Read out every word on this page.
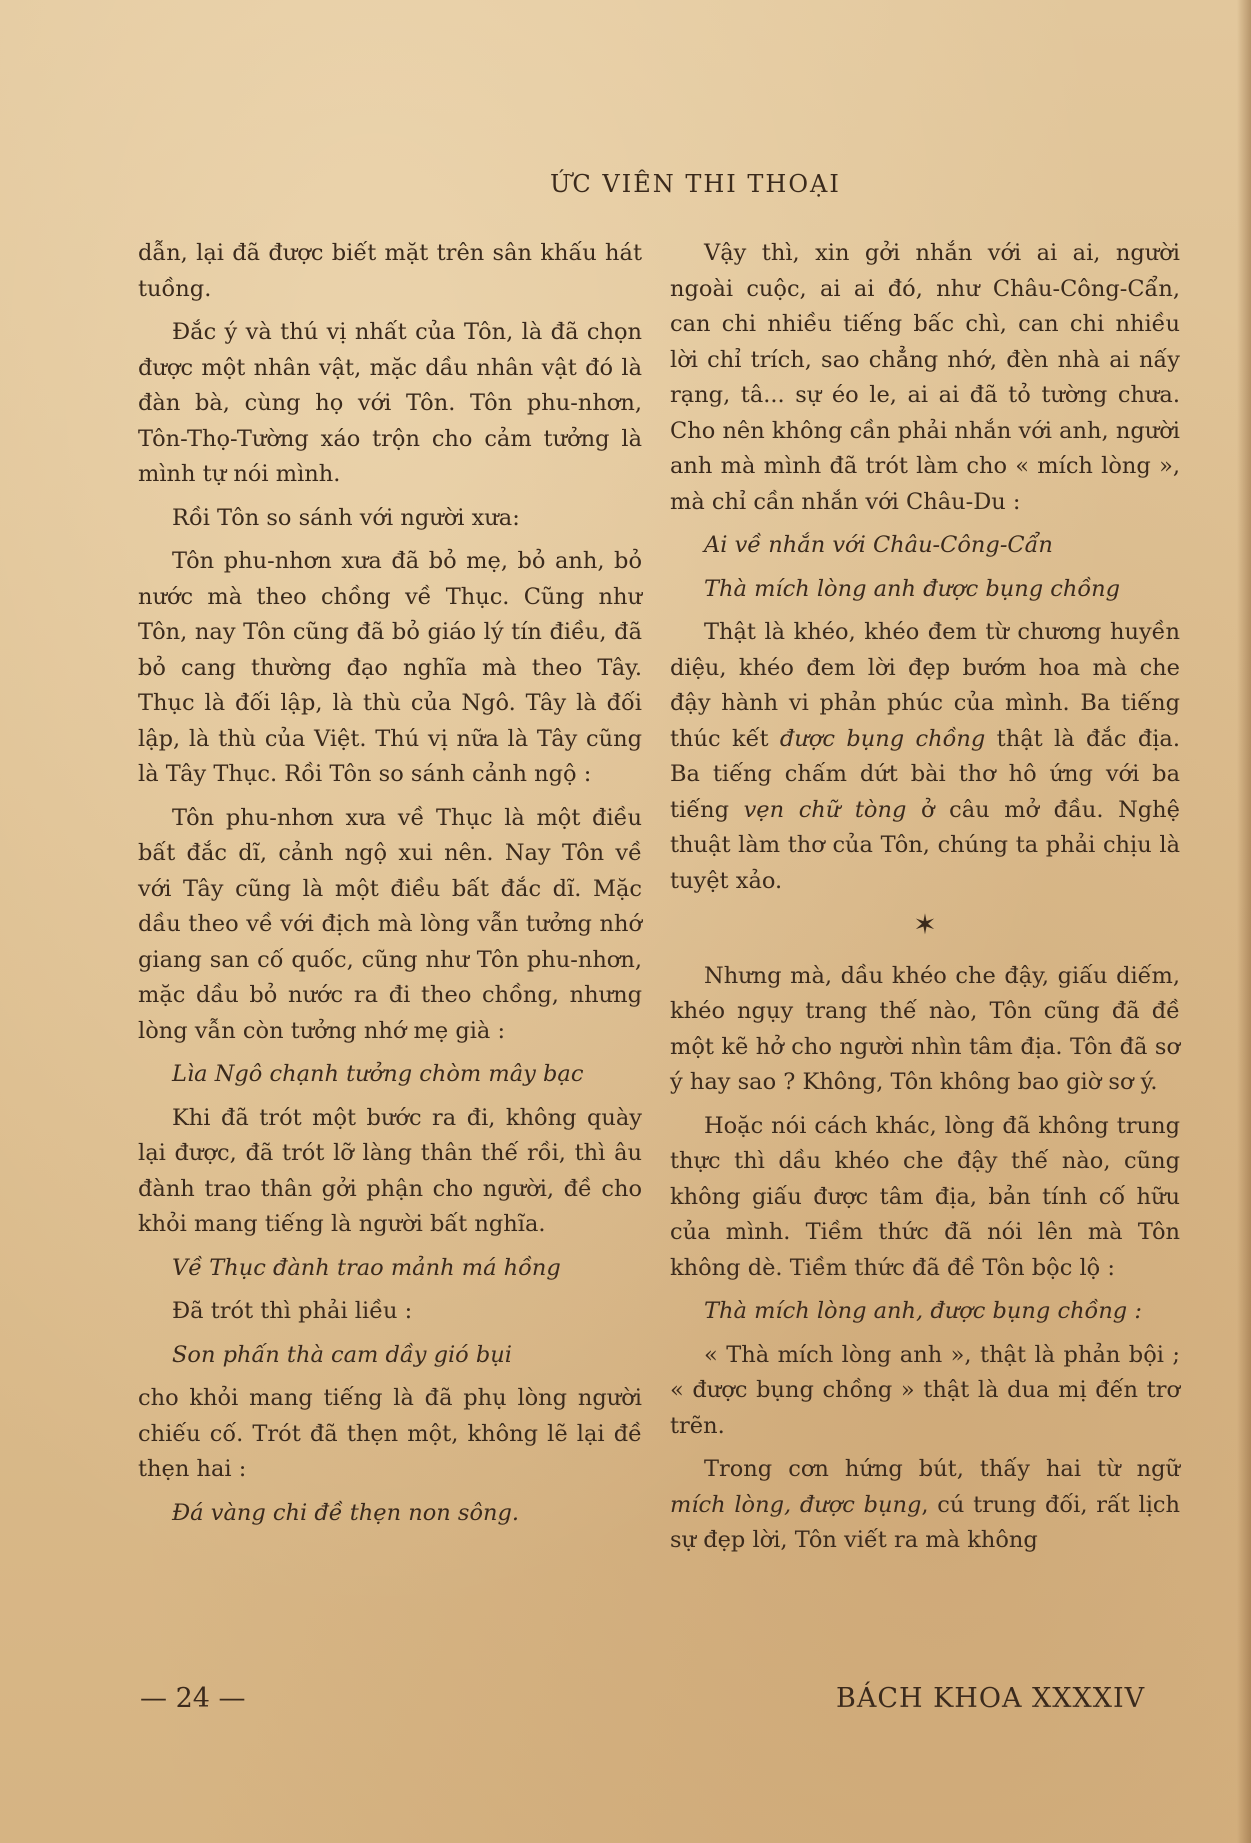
ỨC VIÊN THI THOẠI

dẫn, lại đã được biết mặt trên sân khấu hát tuồng.

Đắc ý và thú vị nhất của Tôn, là đã chọn được một nhân vật, mặc dầu nhân vật đó là đàn bà, cùng họ với Tôn. Tôn phu-nhơn, Tôn-Thọ-Tường xáo trộn cho cảm tưởng là mình tự nói mình.

Rồi Tôn so sánh với người xưa:

Tôn phu-nhơn xưa đã bỏ mẹ, bỏ anh, bỏ nước mà theo chồng về Thục. Cũng như Tôn, nay Tôn cũng đã bỏ giáo lý tín điều, đã bỏ cang thường đạo nghĩa mà theo Tây. Thục là đối lập, là thù của Ngô. Tây là đối lập, là thù của Việt. Thú vị nữa là Tây cũng là Tây Thục. Rồi Tôn so sánh cảnh ngộ :

Tôn phu-nhơn xưa về Thục là một điều bất đắc dĩ, cảnh ngộ xui nên. Nay Tôn về với Tây cũng là một điều bất đắc dĩ. Mặc dầu theo về với địch mà lòng vẫn tưởng nhớ giang san cố quốc, cũng như Tôn phu-nhơn, mặc dầu bỏ nước ra đi theo chồng, nhưng lòng vẫn còn tưởng nhớ mẹ già :

Lìa Ngô chạnh tưởng chòm mây bạc

Khi đã trót một bước ra đi, không quày lại được, đã trót lỡ làng thân thế rồi, thì âu đành trao thân gởi phận cho người, đề cho khỏi mang tiếng là người bất nghĩa.

Về Thục đành trao mảnh má hồng

Đã trót thì phải liều :

Son phấn thà cam dầy gió bụi

cho khỏi mang tiếng là đã phụ lòng người chiếu cố. Trót đã thẹn một, không lẽ lại đề thẹn hai :

Đá vàng chi đề thẹn non sông.

Vậy thì, xin gởi nhắn với ai ai, người ngoài cuộc, ai ai đó, như Châu-Công-Cẩn, can chi nhiều tiếng bấc chì, can chi nhiều lời chỉ trích, sao chẳng nhớ, đèn nhà ai nấy rạng, tâ... sự éo le, ai ai đã tỏ tường chưa. Cho nên không cần phải nhắn với anh, người anh mà mình đã trót làm cho « mích lòng », mà chỉ cần nhắn với Châu-Du :

Ai về nhắn với Châu-Công-Cẩn

Thà mích lòng anh được bụng chồng

Thật là khéo, khéo đem từ chương huyền diệu, khéo đem lời đẹp bướm hoa mà che đậy hành vi phản phúc của mình. Ba tiếng thúc kết được bụng chồng thật là đắc địa. Ba tiếng chấm dứt bài thơ hô ứng với ba tiếng vẹn chữ tòng ở câu mở đầu. Nghệ thuật làm thơ của Tôn, chúng ta phải chịu là tuyệt xảo.

✶

Nhưng mà, dầu khéo che đậy, giấu diếm, khéo ngụy trang thế nào, Tôn cũng đã đề một kẽ hở cho người nhìn tâm địa. Tôn đã sơ ý hay sao ? Không, Tôn không bao giờ sơ ý.

Hoặc nói cách khác, lòng đã không trung thực thì dầu khéo che đậy thế nào, cũng không giấu được tâm địa, bản tính cố hữu của mình. Tiềm thức đã nói lên mà Tôn không dè. Tiềm thức đã đề Tôn bộc lộ :

Thà mích lòng anh, được bụng chồng :

« Thà mích lòng anh », thật là phản bội ; « được bụng chồng » thật là dua mị đến trơ trẽn.

Trong cơn hứng bút, thấy hai từ ngữ mích lòng, được bụng, cú trung đối, rất lịch sự đẹp lời, Tôn viết ra mà không

— 24 —	BÁCH KHOA XXXXIV
